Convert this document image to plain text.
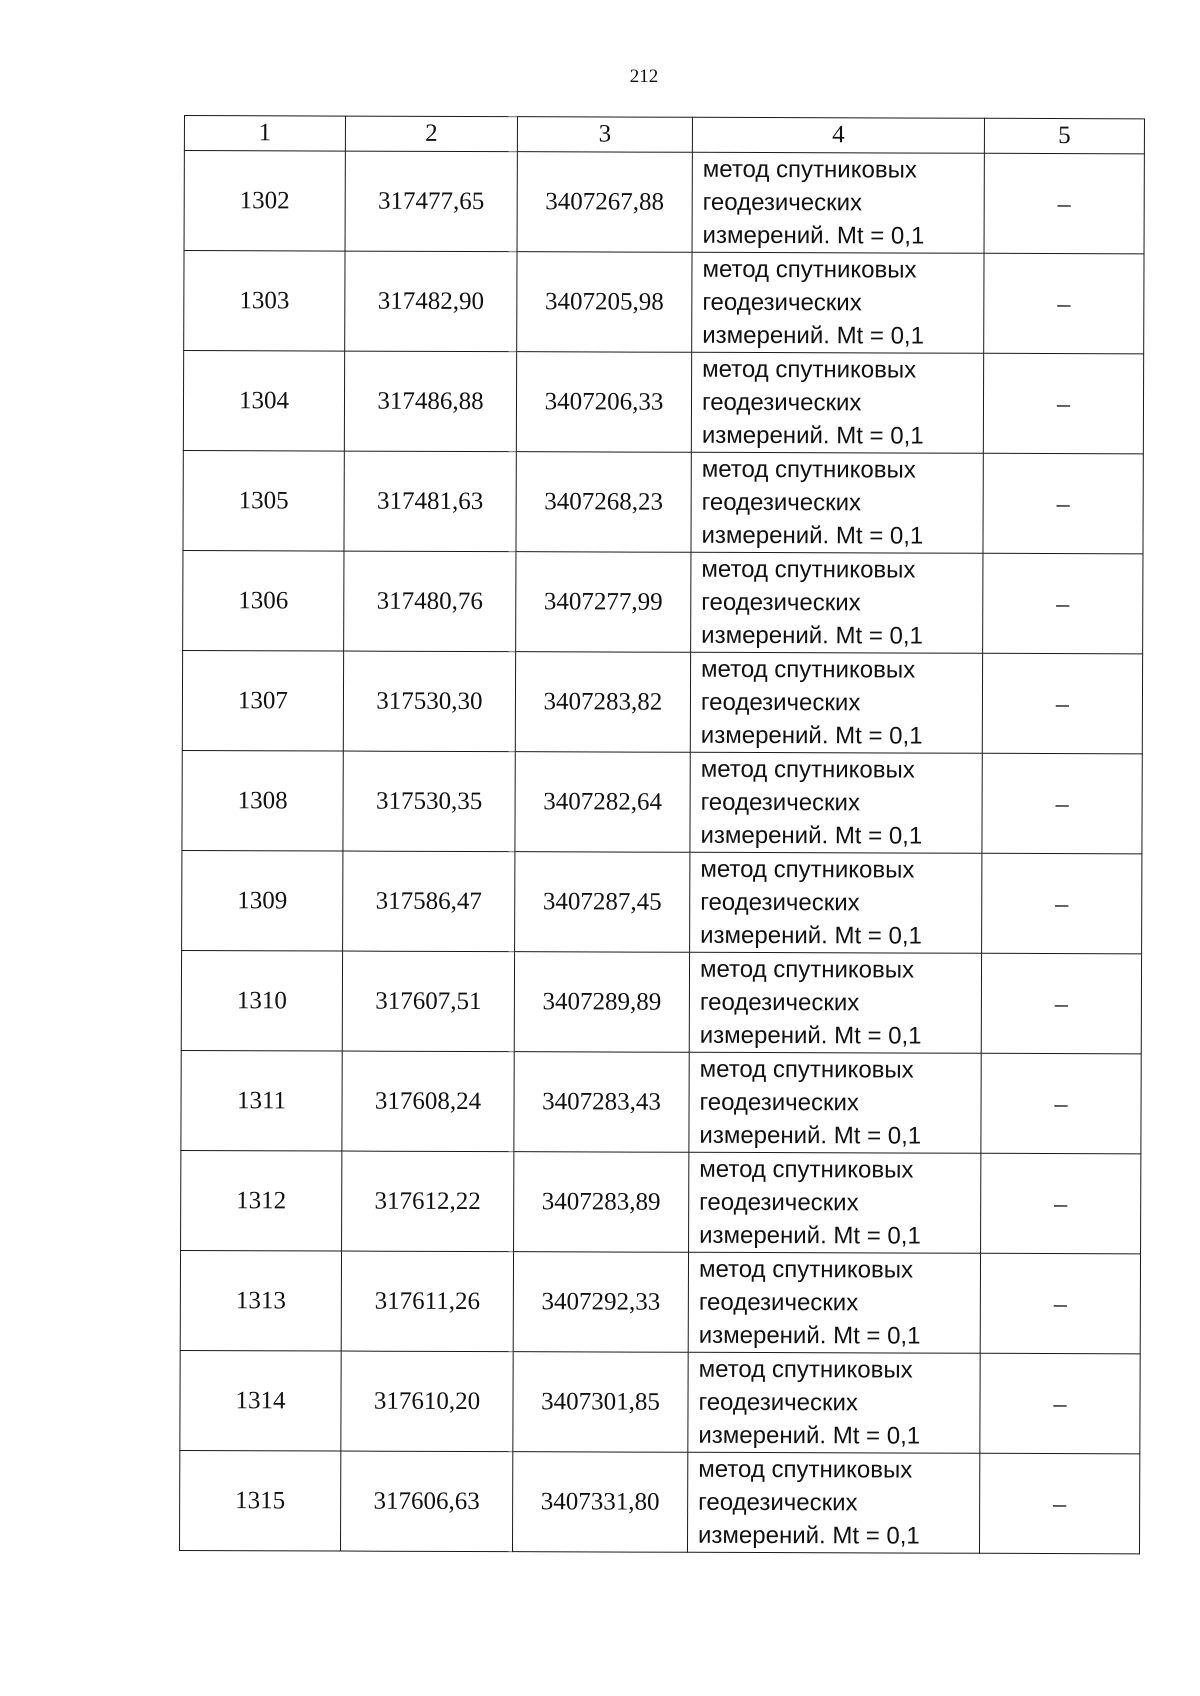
212
1	2	3	4	5
1302	317477,65	3407267,88	метод спутниковых
геодезических
измерений. Mt = 0,1	–
1303	317482,90	3407205,98	метод спутниковых
геодезических
измерений. Mt = 0,1	–
1304	317486,88	3407206,33	метод спутниковых
геодезических
измерений. Mt = 0,1	–
1305	317481,63	3407268,23	метод спутниковых
геодезических
измерений. Mt = 0,1	–
1306	317480,76	3407277,99	метод спутниковых
геодезических
измерений. Mt = 0,1	–
1307	317530,30	3407283,82	метод спутниковых
геодезических
измерений. Mt = 0,1	–
1308	317530,35	3407282,64	метод спутниковых
геодезических
измерений. Mt = 0,1	–
1309	317586,47	3407287,45	метод спутниковых
геодезических
измерений. Mt = 0,1	–
1310	317607,51	3407289,89	метод спутниковых
геодезических
измерений. Mt = 0,1	–
1311	317608,24	3407283,43	метод спутниковых
геодезических
измерений. Mt = 0,1	–
1312	317612,22	3407283,89	метод спутниковых
геодезических
измерений. Mt = 0,1	–
1313	317611,26	3407292,33	метод спутниковых
геодезических
измерений. Mt = 0,1	–
1314	317610,20	3407301,85	метод спутниковых
геодезических
измерений. Mt = 0,1	–
1315	317606,63	3407331,80	метод спутниковых
геодезических
измерений. Mt = 0,1	–
